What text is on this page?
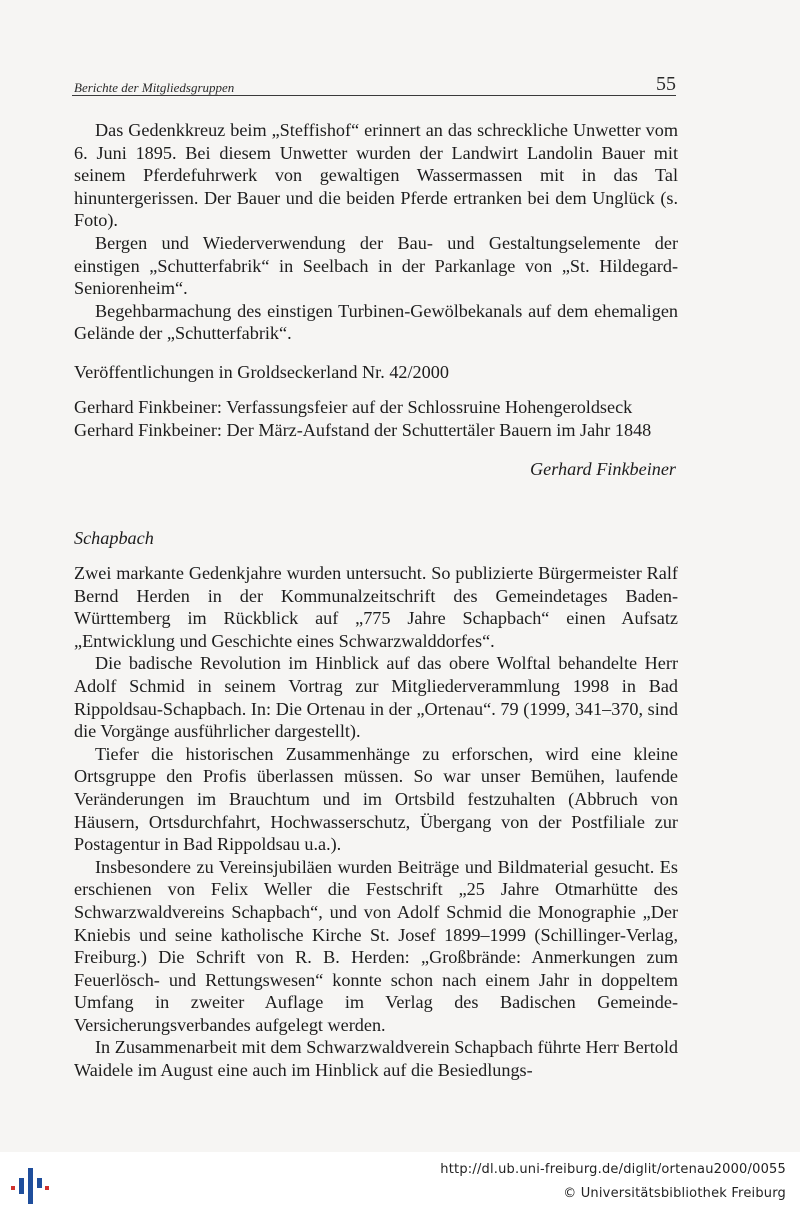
Berichte der Mitgliedsgruppen	55

Das Gedenkkreuz beim „Steffishof“ erinnert an das schreckliche Unwetter vom 6. Juni 1895. Bei diesem Unwetter wurden der Landwirt Landolin Bauer mit seinem Pferdefuhrwerk von gewaltigen Wassermassen mit in das Tal hinuntergerissen. Der Bauer und die beiden Pferde ertranken bei dem Unglück (s. Foto).

Bergen und Wiederverwendung der Bau- und Gestaltungselemente der einstigen „Schutterfabrik“ in Seelbach in der Parkanlage von „St. Hildegard-Seniorenheim“.

Begehbarmachung des einstigen Turbinen-Gewölbekanals auf dem ehemaligen Gelände der „Schutterfabrik“.

Veröffentlichungen in Groldseckerland Nr. 42/2000
Gerhard Finkbeiner: Verfassungsfeier auf der Schlossruine Hohengeroldseck
Gerhard Finkbeiner: Der März-Aufstand der Schuttertäler Bauern im Jahr 1848
Gerhard Finkbeiner
Schapbach

Zwei markante Gedenkjahre wurden untersucht. So publizierte Bürgermeister Ralf Bernd Herden in der Kommunalzeitschrift des Gemeindetages Baden-Württemberg im Rückblick auf „775 Jahre Schapbach“ einen Aufsatz „Entwicklung und Geschichte eines Schwarzwalddorfes“.

Die badische Revolution im Hinblick auf das obere Wolftal behandelte Herr Adolf Schmid in seinem Vortrag zur Mitgliederverammlung 1998 in Bad Rippoldsau-Schapbach. In: Die Ortenau in der „Ortenau“. 79 (1999, 341–370, sind die Vorgänge ausführlicher dargestellt).

Tiefer die historischen Zusammenhänge zu erforschen, wird eine kleine Ortsgruppe den Profis überlassen müssen. So war unser Bemühen, laufende Veränderungen im Brauchtum und im Ortsbild festzuhalten (Abbruch von Häusern, Ortsdurchfahrt, Hochwasserschutz, Übergang von der Postfiliale zur Postagentur in Bad Rippoldsau u.a.).

Insbesondere zu Vereinsjubiläen wurden Beiträge und Bildmaterial gesucht. Es erschienen von Felix Weller die Festschrift „25 Jahre Otmarhütte des Schwarzwaldvereins Schapbach“, und von Adolf Schmid die Monographie „Der Kniebis und seine katholische Kirche St. Josef 1899–1999 (Schillinger-Verlag, Freiburg.) Die Schrift von R. B. Herden: „Großbrände: Anmerkungen zum Feuerlösch- und Rettungswesen“ konnte schon nach einem Jahr in doppeltem Umfang in zweiter Auflage im Verlag des Badischen Gemeinde-Versicherungsverbandes aufgelegt werden.

In Zusammenarbeit mit dem Schwarzwaldverein Schapbach führte Herr Bertold Waidele im August eine auch im Hinblick auf die Besiedlungs-

http://dl.ub.uni-freiburg.de/diglit/ortenau2000/0055
© Universitätsbibliothek Freiburg
